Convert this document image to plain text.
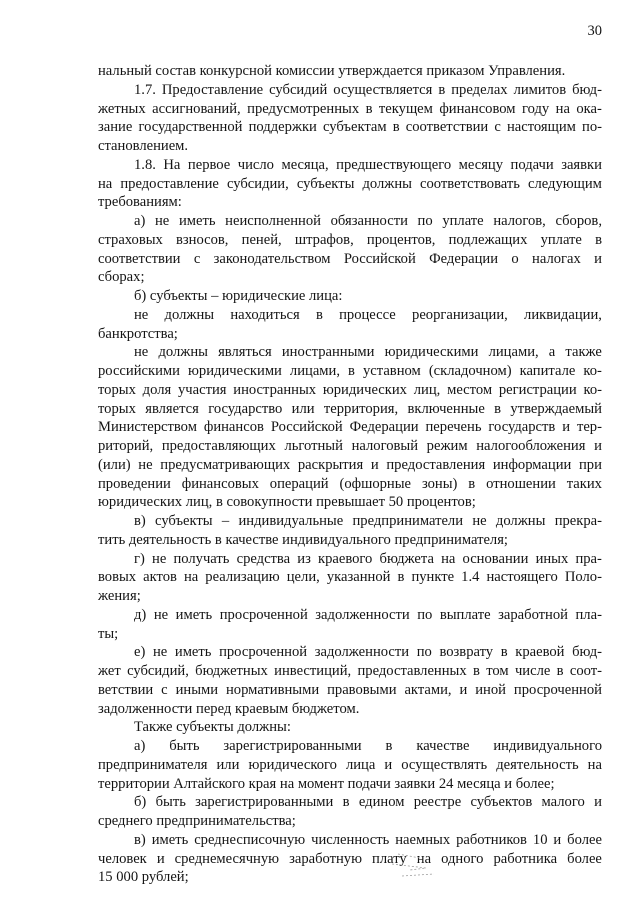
30
нальный состав конкурсной комиссии утверждается приказом Управления.
1.7. Предоставление субсидий осуществляется в пределах лимитов бюд-
жетных ассигнований, предусмотренных в текущем финансовом году на ока-
зание государственной поддержки субъектам в соответствии с настоящим по-
становлением.
1.8. На первое число месяца, предшествующего месяцу подачи заявки
на предоставление субсидии, субъекты должны соответствовать следующим
требованиям:
а) не иметь неисполненной обязанности по уплате налогов, сборов,
страховых взносов, пеней, штрафов, процентов, подлежащих уплате в
соответствии с законодательством Российской Федерации о налогах и
сборах;
б) субъекты – юридические лица:
не должны находиться в процессе реорганизации, ликвидации,
банкротства;
не должны являться иностранными юридическими лицами, а также
российскими юридическими лицами, в уставном (складочном) капитале ко-
торых доля участия иностранных юридических лиц, местом регистрации ко-
торых является государство или территория, включенные в утверждаемый
Министерством финансов Российской Федерации перечень государств и тер-
риторий, предоставляющих льготный налоговый режим налогообложения и
(или) не предусматривающих раскрытия и предоставления информации при
проведении финансовых операций (офшорные зоны) в отношении таких
юридических лиц, в совокупности превышает 50 процентов;
в) субъекты – индивидуальные предприниматели не должны прекра-
тить деятельность в качестве индивидуального предпринимателя;
г) не получать средства из краевого бюджета на основании иных пра-
вовых актов на реализацию цели, указанной в пункте 1.4 настоящего Поло-
жения;
д) не иметь просроченной задолженности по выплате заработной пла-
ты;
е) не иметь просроченной задолженности по возврату в краевой бюд-
жет субсидий, бюджетных инвестиций, предоставленных в том числе в соот-
ветствии с иными нормативными правовыми актами, и иной просроченной
задолженности перед краевым бюджетом.
Также субъекты должны:
а) быть зарегистрированными в качестве индивидуального
предпринимателя или юридического лица и осуществлять деятельность на
территории Алтайского края на момент подачи заявки 24 месяца и более;
б) быть зарегистрированными в едином реестре субъектов малого и
среднего предпринимательства;
в) иметь среднесписочную численность наемных работников 10 и более
человек и среднемесячную заработную плату на одного работника более
15 000 рублей;
